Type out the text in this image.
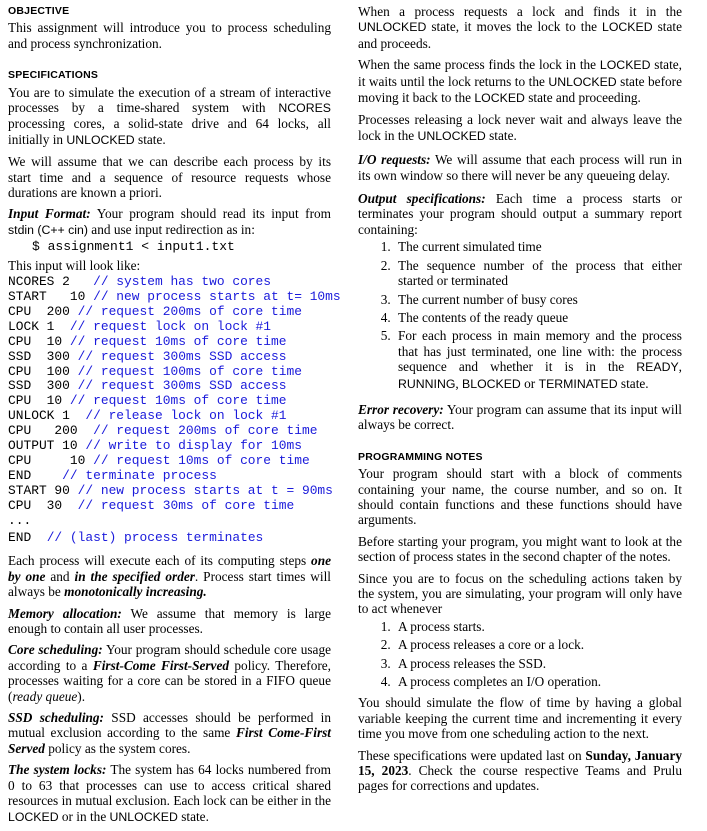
OBJECTIVE

This assignment will introduce you to process scheduling and process synchronization.

SPECIFICATIONS

You are to simulate the execution of a stream of interactive processes by a time-shared system with NCORES processing cores, a solid-state drive and 64 locks, all initially in UNLOCKED state.

We will assume that we can describe each process by its start time and a sequence of resource requests whose durations are known a priori.

Input Format: Your program should read its input from stdin (C++ cin) and use input redirection as in:

$ assignment1 < input1.txt

This input will look like:

NCORES 2   // system has two cores
START   10 // new process starts at t= 10ms
CPU  200 // request 200ms of core time
LOCK 1  // request lock on lock #1
CPU  10 // request 10ms of core time
SSD  300 // request 300ms SSD access
CPU  100 // request 100ms of core time
SSD  300 // request 300ms SSD access
CPU  10 // request 10ms of core time
UNLOCK 1  // release lock on lock #1
CPU   200  // request 200ms of core time
OUTPUT 10 // write to display for 10ms
CPU     10 // request 10ms of core time
END    // terminate process
START 90 // new process starts at t = 90ms
CPU  30  // request 30ms of core time
...
END  // (last) process terminates

Each process will execute each of its computing steps one by one and in the specified order. Process start times will always be monotonically increasing.

Memory allocation: We assume that memory is large enough to contain all user processes.

Core scheduling: Your program should schedule core usage according to a First-Come First-Served policy. Therefore, processes waiting for a core can be stored in a FIFO queue (ready queue).

SSD scheduling: SSD accesses should be performed in mutual exclusion according to the same First Come-First Served policy as the system cores.

The system locks: The system has 64 locks numbered from 0 to 63 that processes can use to access critical shared resources in mutual exclusion. Each lock can be either in the LOCKED or in the UNLOCKED state.

When a process requests a lock and finds it in the UNLOCKED state, it moves the lock to the LOCKED state and proceeds.

When the same process finds the lock in the LOCKED state, it waits until the lock returns to the UNLOCKED state before moving it back to the LOCKED state and proceeding.

Processes releasing a lock never wait and always leave the lock in the UNLOCKED state.

I/O requests: We will assume that each process will run in its own window so there will never be any queueing delay.

Output specifications: Each time a process starts or terminates your program should output a summary report containing:

1. The current simulated time
2. The sequence number of the process that either started or terminated
3. The current number of busy cores
4. The contents of the ready queue
5. For each process in main memory and the process that has just terminated, one line with: the process sequence and whether it is in the READY, RUNNING, BLOCKED or TERMINATED state.

Error recovery: Your program can assume that its input will always be correct.

PROGRAMMING NOTES

Your program should start with a block of comments containing your name, the course number, and so on. It should contain functions and these functions should have arguments.

Before starting your program, you might want to look at the section of process states in the second chapter of the notes.

Since you are to focus on the scheduling actions taken by the system, you are simulating, your program will only have to act whenever

1. A process starts.
2. A process releases a core or a lock.
3. A process releases the SSD.
4. A process completes an I/O operation.

You should simulate the flow of time by having a global variable keeping the current time and incrementing it every time you move from one scheduling action to the next.

These specifications were updated last on Sunday, January 15, 2023. Check the course respective Teams and Prulu pages for corrections and updates.
